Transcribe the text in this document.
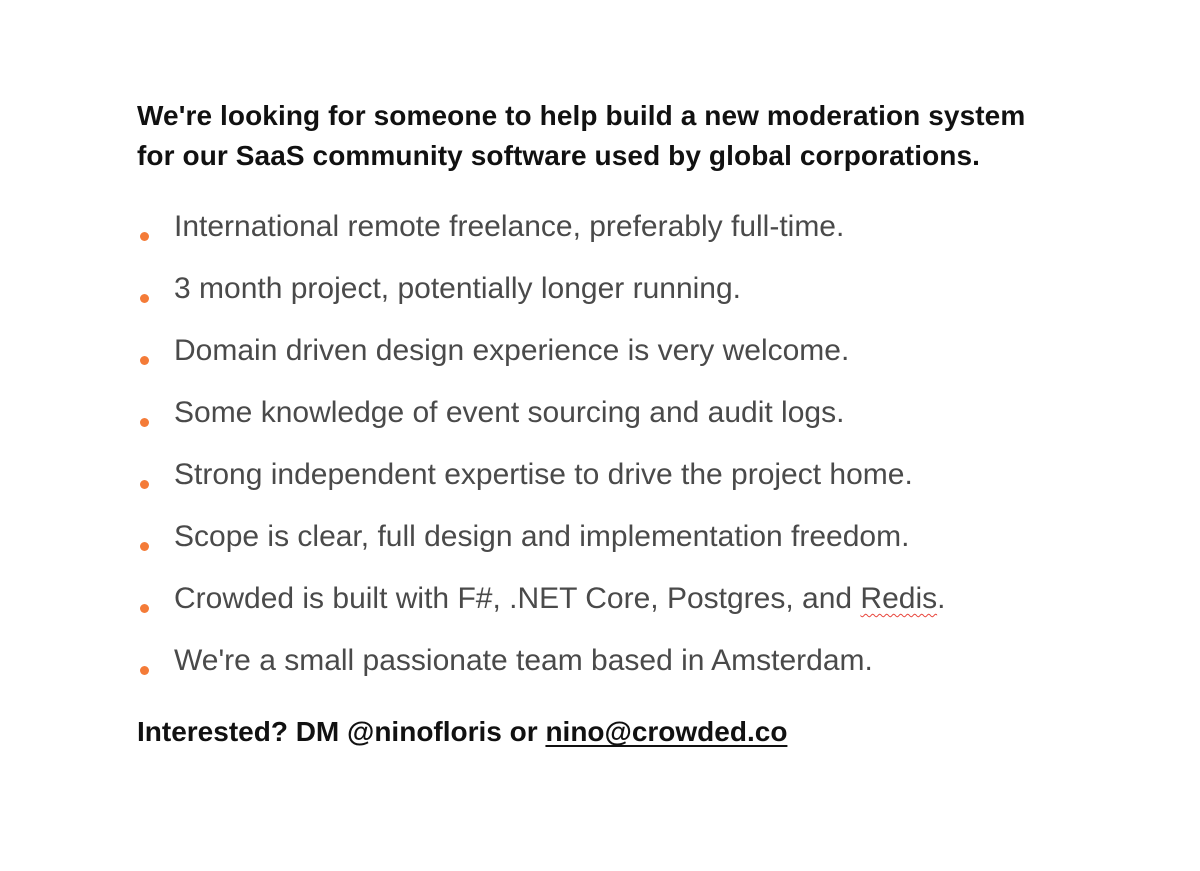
We're looking for someone to help build a new moderation system
for our SaaS community software used by global corporations.
International remote freelance, preferably full-time.
3 month project, potentially longer running.
Domain driven design experience is very welcome.
Some knowledge of event sourcing and audit logs.
Strong independent expertise to drive the project home.
Scope is clear, full design and implementation freedom.
Crowded is built with F#, .NET Core, Postgres, and Redis.
We're a small passionate team based in Amsterdam.

Interested? DM @ninofloris or nino@crowded.co
